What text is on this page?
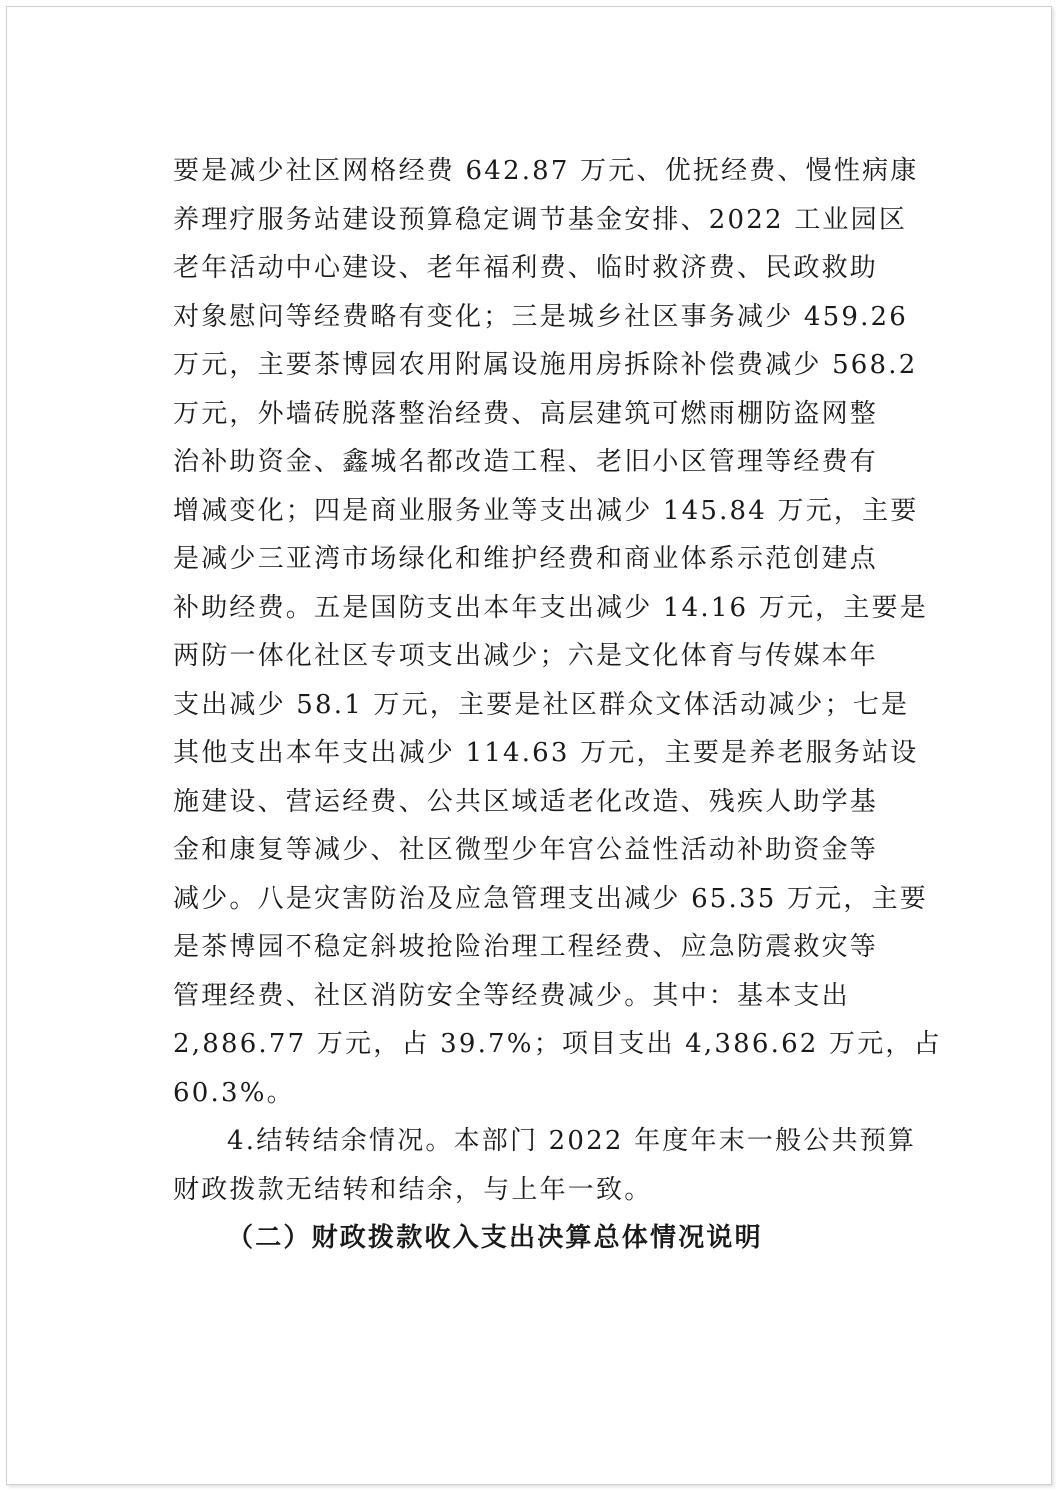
要是减少社区网格经费 642.87 万元、优抚经费、慢性病康
养理疗服务站建设预算稳定调节基金安排、2022 工业园区
老年活动中心建设、老年福利费、临时救济费、民政救助
对象慰问等经费略有变化；三是城乡社区事务减少 459.26
万元，主要茶博园农用附属设施用房拆除补偿费减少 568.2
万元，外墙砖脱落整治经费、高层建筑可燃雨棚防盗网整
治补助资金、鑫城名都改造工程、老旧小区管理等经费有
增减变化；四是商业服务业等支出减少 145.84 万元，主要
是减少三亚湾市场绿化和维护经费和商业体系示范创建点
补助经费。五是国防支出本年支出减少 14.16 万元，主要是
两防一体化社区专项支出减少；六是文化体育与传媒本年
支出减少 58.1 万元，主要是社区群众文体活动减少；七是
其他支出本年支出减少 114.63 万元，主要是养老服务站设
施建设、营运经费、公共区域适老化改造、残疾人助学基
金和康复等减少、社区微型少年宫公益性活动补助资金等
减少。八是灾害防治及应急管理支出减少 65.35 万元，主要
是茶博园不稳定斜坡抢险治理工程经费、应急防震救灾等
管理经费、社区消防安全等经费减少。其中：基本支出
2,886.77 万元，占 39.7%；项目支出 4,386.62 万元，占
60.3%。
4.结转结余情况。本部门 2022 年度年末一般公共预算
财政拨款无结转和结余，与上年一致。
（二）财政拨款收入支出决算总体情况说明
